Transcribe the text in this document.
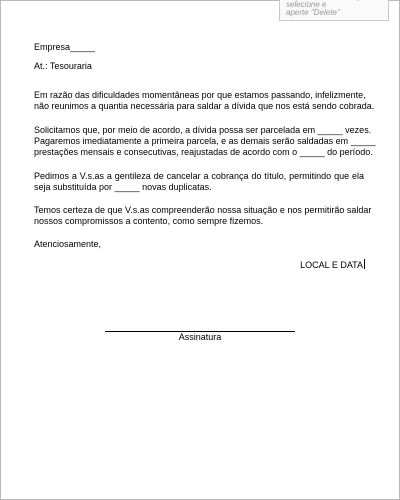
selecione e
aperte "Delete"
Empresa_____
At.: Tesouraria
Em razão das dificuldades momentâneas por que estamos passando, infelizmente,
não reunimos a quantia necessária para saldar a dívida que nos está sendo cobrada.
Solicitamos que, por meio de acordo, a dívida possa ser parcelada em _____ vezes.
Pagaremos imediatamente a primeira parcela, e as demais serão saldadas em _____
prestações mensais e consecutivas, reajustadas de acordo com o _____ do período.
Pedimos a V.s.as a gentileza de cancelar a cobrança do título, permitindo que ela
seja substituída por _____ novas duplicatas.
Temos certeza de que V.s.as compreenderão nossa situação e nos permitirão saldar
nossos compromissos a contento, como sempre fizemos.
Atenciosamente,
LOCAL E DATA
Assinatura
